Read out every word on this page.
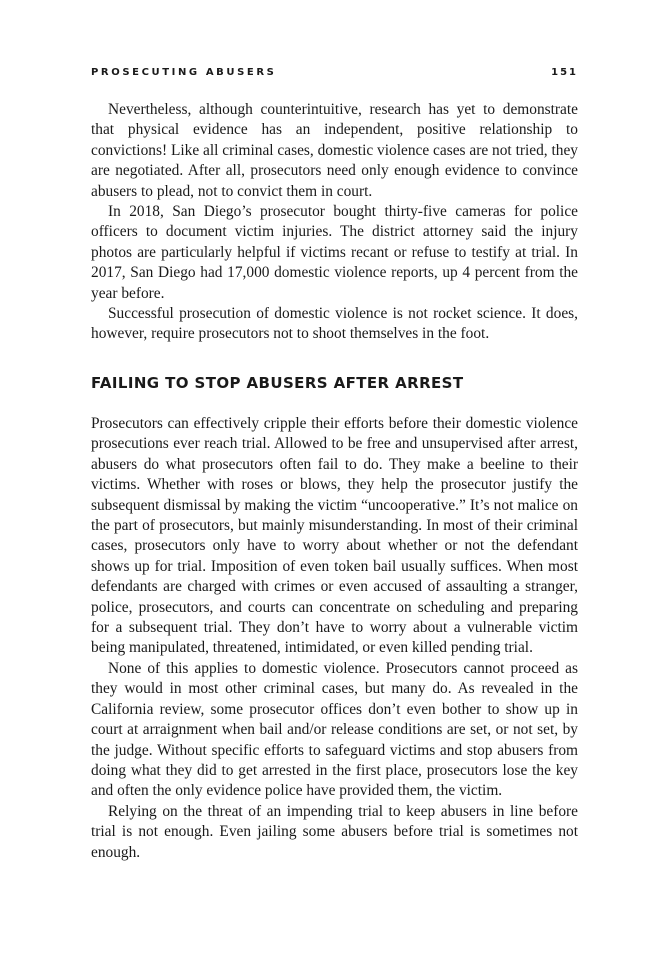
PROSECUTING ABUSERS	151

Nevertheless, although counterintuitive, research has yet to demonstrate that physical evidence has an independent, positive relationship to convictions! Like all criminal cases, domestic violence cases are not tried, they are negotiated. After all, prosecutors need only enough evidence to convince abusers to plead, not to convict them in court.

In 2018, San Diego’s prosecutor bought thirty-five cameras for police officers to document victim injuries. The district attorney said the injury photos are particularly helpful if victims recant or refuse to testify at trial. In 2017, San Diego had 17,000 domestic violence reports, up 4 percent from the year before.

Successful prosecution of domestic violence is not rocket science. It does, however, require prosecutors not to shoot themselves in the foot.

FAILING TO STOP ABUSERS AFTER ARREST

Prosecutors can effectively cripple their efforts before their domestic violence prosecutions ever reach trial. Allowed to be free and unsupervised after arrest, abusers do what prosecutors often fail to do. They make a beeline to their victims. Whether with roses or blows, they help the prosecutor justify the subsequent dismissal by making the victim “uncooperative.” It’s not malice on the part of prosecutors, but mainly misunderstanding. In most of their criminal cases, prosecutors only have to worry about whether or not the defendant shows up for trial. Imposition of even token bail usually suffices. When most defendants are charged with crimes or even accused of assaulting a stranger, police, prosecutors, and courts can concentrate on scheduling and preparing for a subsequent trial. They don’t have to worry about a vulnerable victim being manipulated, threatened, intimidated, or even killed pending trial.

None of this applies to domestic violence. Prosecutors cannot proceed as they would in most other criminal cases, but many do. As revealed in the California review, some prosecutor offices don’t even bother to show up in court at arraignment when bail and/or release conditions are set, or not set, by the judge. Without specific efforts to safeguard victims and stop abusers from doing what they did to get arrested in the first place, prosecutors lose the key and often the only evidence police have provided them, the victim.

Relying on the threat of an impending trial to keep abusers in line before trial is not enough. Even jailing some abusers before trial is sometimes not enough.
